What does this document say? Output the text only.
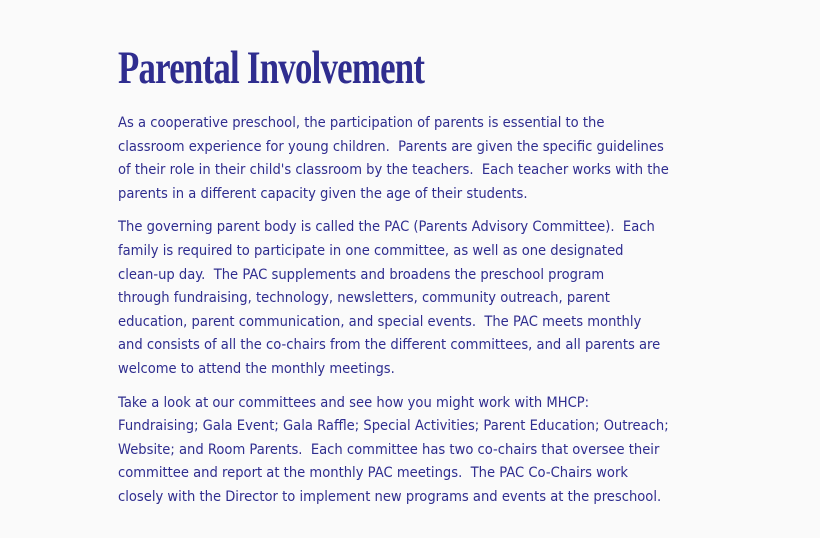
Parental Involvement

As a cooperative preschool, the participation of parents is essential to the
classroom experience for young children.  Parents are given the specific guidelines
of their role in their child's classroom by the teachers.  Each teacher works with the
parents in a different capacity given the age of their students.

The governing parent body is called the PAC (Parents Advisory Committee).  Each
family is required to participate in one committee, as well as one designated
clean-up day.  The PAC supplements and broadens the preschool program
through fundraising, technology, newsletters, community outreach, parent
education, parent communication, and special events.  The PAC meets monthly
and consists of all the co-chairs from the different committees, and all parents are
welcome to attend the monthly meetings.

Take a look at our committees and see how you might work with MHCP:
Fundraising; Gala Event; Gala Raffle; Special Activities; Parent Education; Outreach;
Website; and Room Parents.  Each committee has two co-chairs that oversee their
committee and report at the monthly PAC meetings.  The PAC Co-Chairs work
closely with the Director to implement new programs and events at the preschool.
